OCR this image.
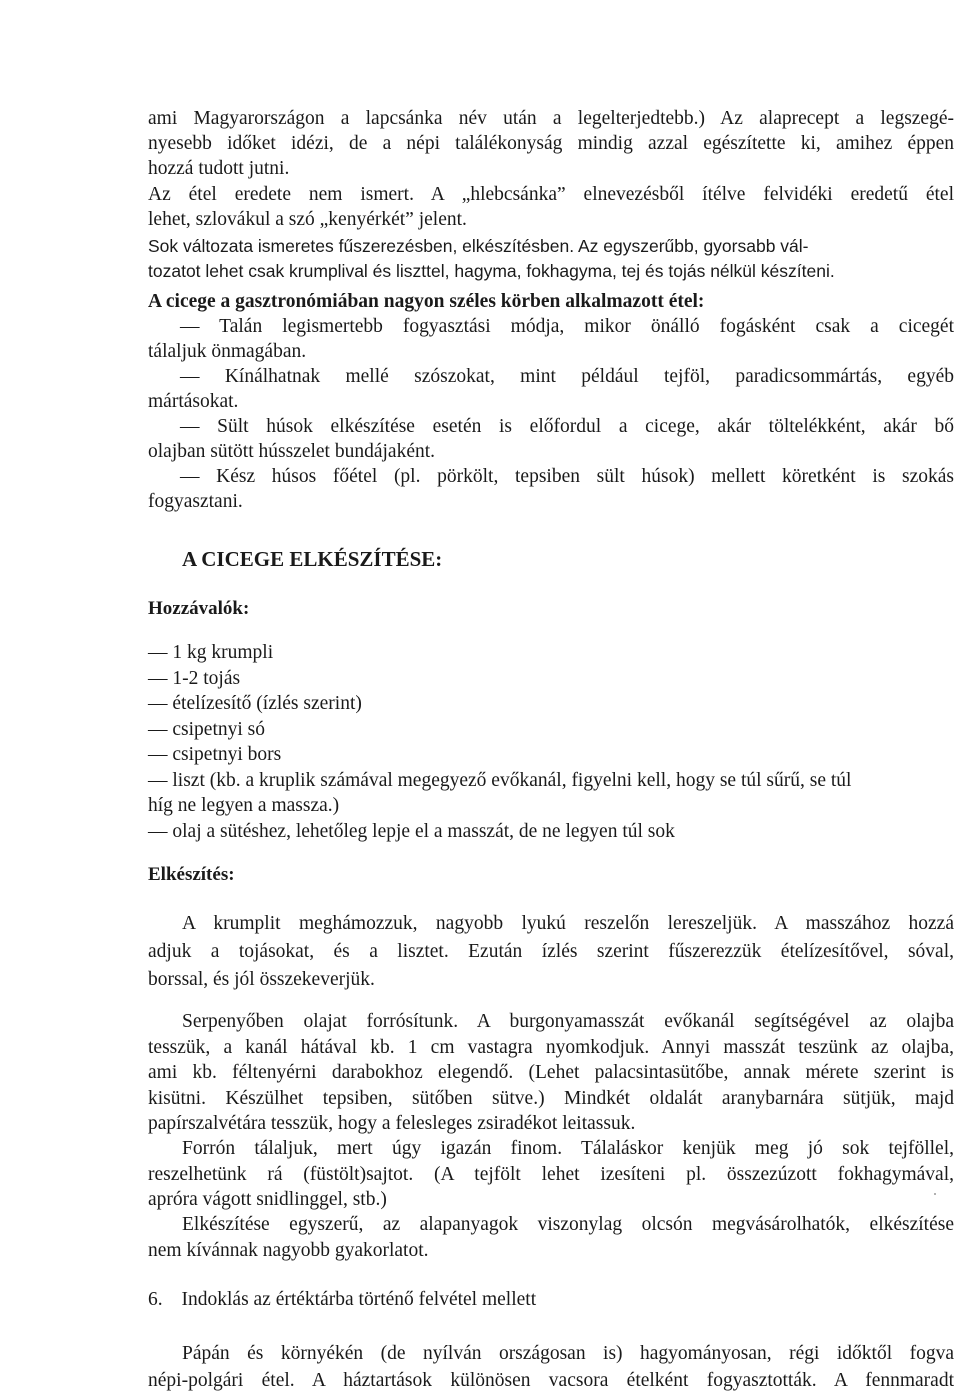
ami Magyarországon a lapcsánka név után a legelterjedtebb.) Az alaprecept a legszegé-
nyesebb időket idézi, de a népi találékonyság mindig azzal egészítette ki, amihez éppen
hozzá tudott jutni.
Az étel eredete nem ismert. A „hlebcsánka” elnevezésből ítélve felvidéki eredetű étel
lehet, szlovákul a szó „kenyérkét” jelent.
Sok változata ismeretes fűszerezésben, elkészítésben. Az egyszerűbb, gyorsabb vál-
tozatot lehet csak krumplival és liszttel, hagyma, fokhagyma, tej és tojás nélkül készíteni.
A cicege a gasztronómiában nagyon széles körben alkalmazott étel:
— Talán legismertebb fogyasztási módja, mikor önálló fogásként csak a cicegét
tálaljuk önmagában.
— Kínálhatnak mellé szószokat, mint például tejföl, paradicsommártás, egyéb
mártásokat.
— Sült húsok elkészítése esetén is előfordul a cicege, akár töltelékként, akár bő
olajban sütött hússzelet bundájaként.
— Kész húsos főétel (pl. pörkölt, tepsiben sült húsok) mellett köretként is szokás
fogyasztani.
A CICEGE ELKÉSZÍTÉSE:
Hozzávalók:
— 1 kg krumpli
— 1-2 tojás
— ételízesítő (ízlés szerint)
— csipetnyi só
— csipetnyi bors
— liszt (kb. a kruplik számával megegyező evőkanál, figyelni kell, hogy se túl sűrű, se túl
híg ne legyen a massza.)
— olaj a sütéshez, lehetőleg lepje el a masszát, de ne legyen túl sok
Elkészítés:
A krumplit meghámozzuk, nagyobb lyukú reszelőn lereszeljük. A masszához hozzá
adjuk a tojásokat, és a lisztet. Ezután ízlés szerint fűszerezzük ételízesítővel, sóval,
borssal, és jól összekeverjük.
Serpenyőben olajat forrósítunk. A burgonyamasszát evőkanál segítségével az olajba
tesszük, a kanál hátával kb. 1 cm vastagra nyomkodjuk. Annyi masszát teszünk az olajba,
ami kb. féltenyérni darabokhoz elegendő. (Lehet palacsintasütőbe, annak mérete szerint is
kisütni. Készülhet tepsiben, sütőben sütve.) Mindkét oldalát aranybarnára sütjük, majd
papírszalvétára tesszük, hogy a felesleges zsiradékot leitassuk.
Forrón tálaljuk, mert úgy igazán finom. Tálaláskor kenjük meg jó sok tejföllel,
reszelhetünk rá (füstölt)sajtot. (A tejfölt lehet izesíteni pl. összezúzott fokhagymával,
apróra vágott snidlinggel, stb.)
Elkészítése egyszerű, az alapanyagok viszonylag olcsón megvásárolhatók, elkészítése
nem kívánnak nagyobb gyakorlatot.
6. Indoklás az értéktárba történő felvétel mellett
Pápán és környékén (de nyílván országosan is) hagyományosan, régi időktől fogva
népi-polgári étel. A háztartások különösen vacsora ételként fogyasztották. A fennmaradt
